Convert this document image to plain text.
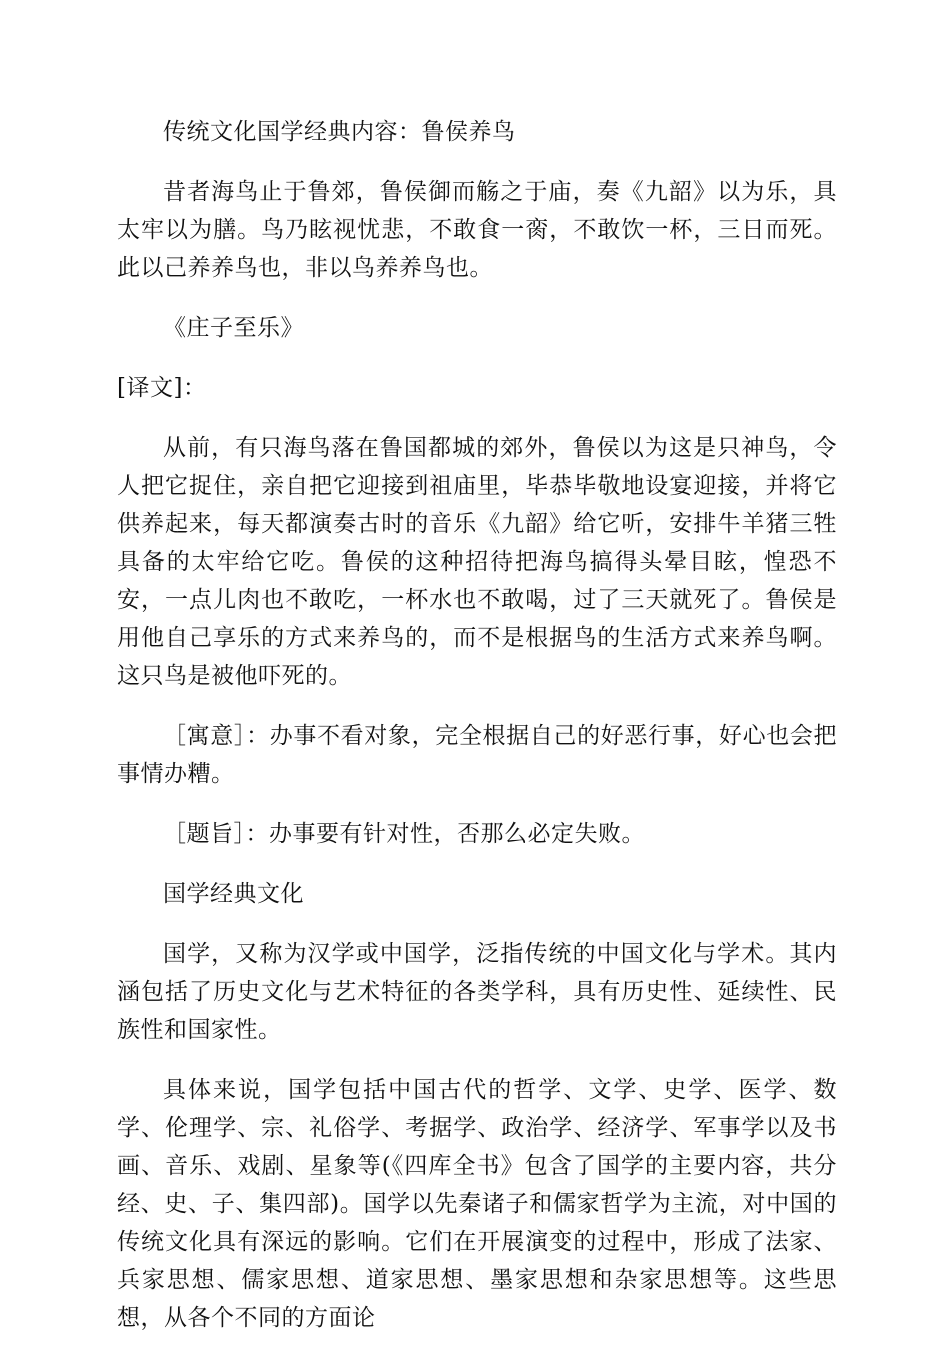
传统文化国学经典内容：鲁侯养鸟

昔者海鸟止于鲁郊，鲁侯御而觞之于庙，奏《九韶》以为乐，具太牢以为膳。鸟乃眩视忧悲，不敢食一脔，不敢饮一杯，三日而死。此以己养养鸟也，非以鸟养养鸟也。

《庄子至乐》

[译文]：

从前，有只海鸟落在鲁国都城的郊外，鲁侯以为这是只神鸟，令人把它捉住，亲自把它迎接到祖庙里，毕恭毕敬地设宴迎接，并将它供养起来，每天都演奏古时的音乐《九韶》给它听，安排牛羊猪三牲具备的太牢给它吃。鲁侯的这种招待把海鸟搞得头晕目眩，惶恐不安，一点儿肉也不敢吃，一杯水也不敢喝，过了三天就死了。鲁侯是用他自己享乐的方式来养鸟的，而不是根据鸟的生活方式来养鸟啊。这只鸟是被他吓死的。

［寓意］：办事不看对象，完全根据自己的好恶行事，好心也会把事情办糟。

［题旨］：办事要有针对性，否那么必定失败。

国学经典文化

国学，又称为汉学或中国学，泛指传统的中国文化与学术。其内涵包括了历史文化与艺术特征的各类学科，具有历史性、延续性、民族性和国家性。

具体来说，国学包括中国古代的哲学、文学、史学、医学、数学、伦理学、宗、礼俗学、考据学、政治学、经济学、军事学以及书画、音乐、戏剧、星象等(《四库全书》包含了国学的主要内容，共分经、史、子、集四部)。国学以先秦诸子和儒家哲学为主流，对中国的传统文化具有深远的影响。它们在开展演变的过程中，形成了法家、兵家思想、儒家思想、道家思想、墨家思想和杂家思想等。这些思想，从各个不同的方面论
